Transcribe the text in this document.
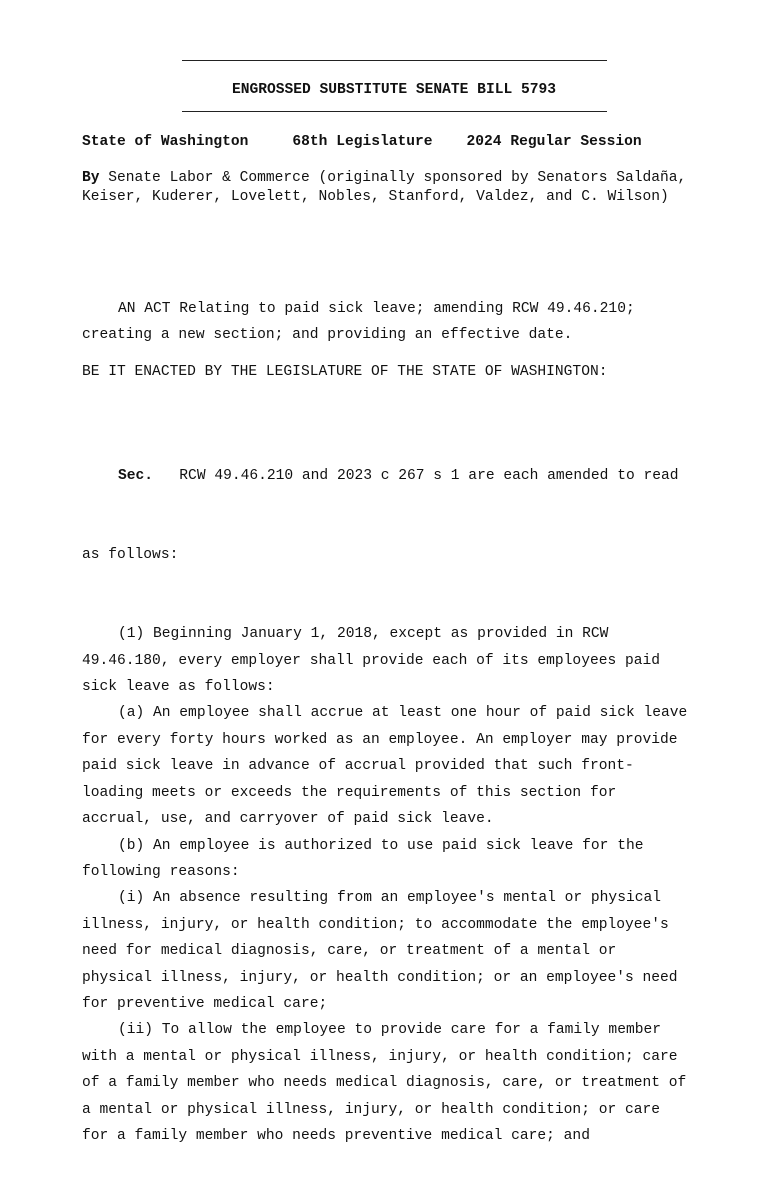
ENGROSSED SUBSTITUTE SENATE BILL 5793
State of Washington	68th Legislature 2024 Regular Session
By Senate Labor & Commerce (originally sponsored by Senators Saldaña,
Keiser, Kuderer, Lovelett, Nobles, Stanford, Valdez, and C. Wilson)
AN ACT Relating to paid sick leave; amending RCW 49.46.210;
creating a new section; and providing an effective date.
BE IT ENACTED BY THE LEGISLATURE OF THE STATE OF WASHINGTON:

Sec.   RCW 49.46.210 and 2023 c 267 s 1 are each amended to read

as follows:

(1) Beginning January 1, 2018, except as provided in RCW
49.46.180, every employer shall provide each of its employees paid
sick leave as follows:
(a) An employee shall accrue at least one hour of paid sick leave
for every forty hours worked as an employee. An employer may provide
paid sick leave in advance of accrual provided that such front-
loading meets or exceeds the requirements of this section for
accrual, use, and carryover of paid sick leave.
(b) An employee is authorized to use paid sick leave for the
following reasons:
(i) An absence resulting from an employee's mental or physical
illness, injury, or health condition; to accommodate the employee's
need for medical diagnosis, care, or treatment of a mental or
physical illness, injury, or health condition; or an employee's need
for preventive medical care;
(ii) To allow the employee to provide care for a family member
with a mental or physical illness, injury, or health condition; care
of a family member who needs medical diagnosis, care, or treatment of
a mental or physical illness, injury, or health condition; or care
for a family member who needs preventive medical care; and
